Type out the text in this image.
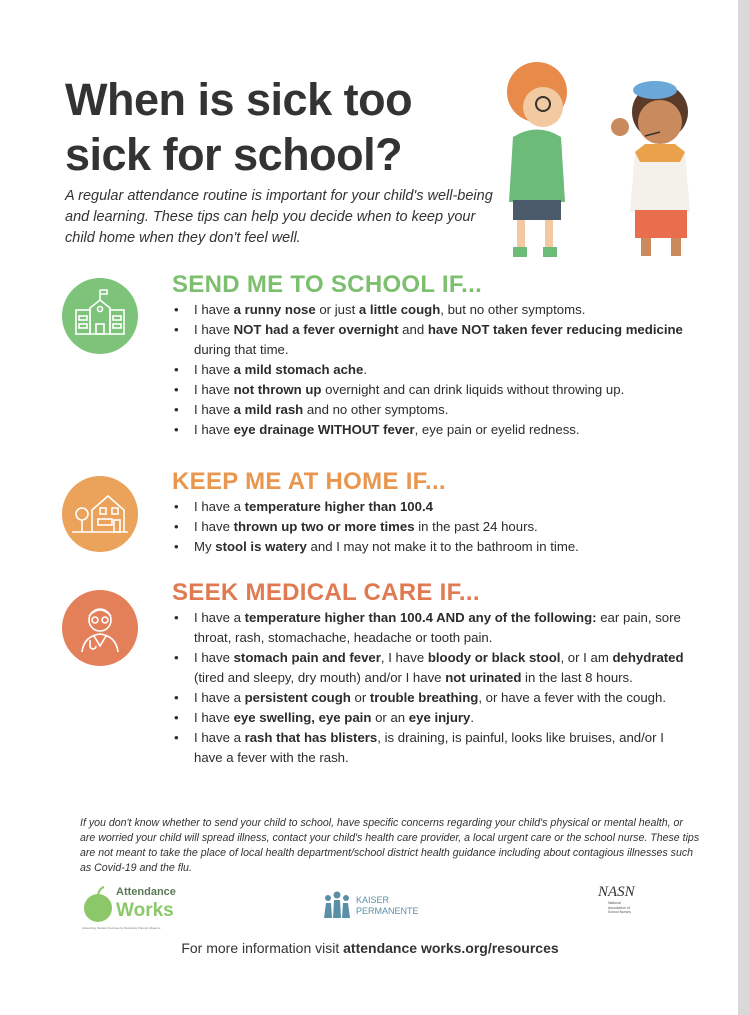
When is sick too
sick for school?
A regular attendance routine is important for your child's well-being and learning. These tips can help you decide when to keep your child home when they don't feel well.
SEND ME TO SCHOOL IF...
• I have a runny nose or just a little cough, but no other symptoms.
• I have NOT had a fever overnight and have NOT taken fever reducing medicine during that time.
• I have a mild stomach ache.
• I have not thrown up overnight and can drink liquids without throwing up.
• I have a mild rash and no other symptoms.
• I have eye drainage WITHOUT fever, eye pain or eyelid redness.
KEEP ME AT HOME IF...
• I have a temperature higher than 100.4
• I have thrown up two or more times in the past 24 hours.
• My stool is watery and I may not make it to the bathroom in time.
SEEK MEDICAL CARE IF...
• I have a temperature higher than 100.4 AND any of the following: ear pain, sore throat, rash, stomachache, headache or tooth pain.
• I have stomach pain and fever, I have bloody or black stool, or I am dehydrated (tired and sleepy, dry mouth) and/or I have not urinated in the last 8 hours.
• I have a persistent cough or trouble breathing, or have a fever with the cough.
• I have eye swelling, eye pain or an eye injury.
• I have a rash that has blisters, is draining, is painful, looks like bruises, and/or I have a fever with the rash.
If you don't know whether to send your child to school, have specific concerns regarding your child's physical or mental health, or are worried your child will spread illness, contact your child's health care provider, a local urgent care or the school nurse. These tips are not meant to take the place of local health department/school district health guidance including about contagious illnesses such as Covid-19 and the flu.
Attendance
Works
Advancing Student Success by Reducing Chronic Absence
KAISER
PERMANENTE
NASN
National Association of School Nurses
For more information visit attendance works.org/resources
